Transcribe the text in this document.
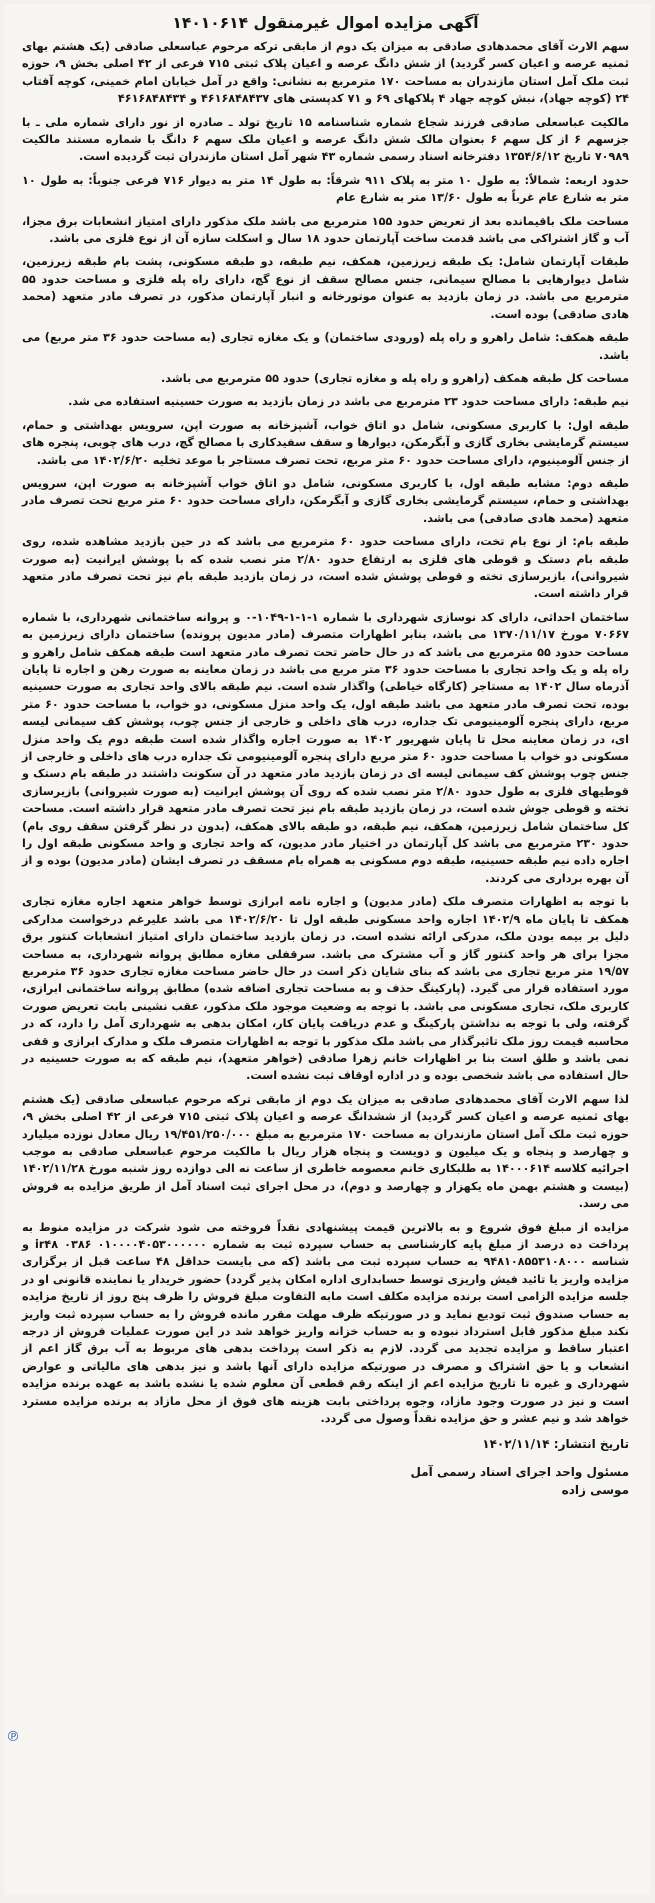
آگهی مزایده اموال غیرمنقول ۱۴۰۱۰۶۱۴

سهم الارث آقای محمدهادی صادقی به میزان یک دوم از مابقی ترکه مرحوم عباسعلی صادقی (یک هشتم بهای ثمنیه عرصه و اعیان کسر گردید) از شش دانگ عرصه و اعیان پلاک ثبتی ۷۱۵ فرعی از ۴۲ اصلی بخش ۹، حوزه ثبت ملک آمل استان مازندران به مساحت ۱۷۰ مترمربع به نشانی: واقع در آمل خیابان امام خمینی، کوچه آفتاب ۲۴ (کوچه جهاد)، نبش کوچه جهاد ۴ پلاکهای ۶۹ و ۷۱ کدپستی های ۴۶۱۶۸۴۸۴۳۷ و ۴۶۱۶۸۴۸۴۳۴

مالکیت عباسعلی صادقی فرزند شجاع شماره شناسنامه ۱۵ تاریخ تولد ـ صادره از نور دارای شماره ملی ـ با جزسهم ۶ از کل سهم ۶ بعنوان مالک شش دانگ عرصه و اعیان ملک سهم ۶ دانگ با شماره مستند مالکیت ۷۰۹۸۹ تاریخ ۱۳۵۴/۶/۱۲ دفترخانه اسناد رسمی شماره ۴۳ شهر آمل استان مازندران ثبت گردیده است.

حدود اربعه: شمالاً: به طول ۱۰ متر به پلاک ۹۱۱ شرقاً: به طول ۱۴ متر به دیوار ۷۱۶ فرعی جنوباً: به طول ۱۰ متر به شارع عام غرباً به طول ۱۳/۶۰ متر به شارع عام

مساحت ملک باقیمانده بعد از تعریض حدود ۱۵۵ مترمربع می باشد ملک مذکور دارای امتیاز انشعابات برق مجزا، آب و گاز اشتراکی می باشد قدمت ساخت آپارتمان حدود ۱۸ سال و اسکلت سازه آن از نوع فلزی می باشد.

طبقات آپارتمان شامل: یک طبقه زیرزمین، همکف، نیم طبقه، دو طبقه مسکونی، پشت بام طبقه زیرزمین، شامل دیوارهایی با مصالح سیمانی، جنس مصالح سقف از نوع گچ، دارای راه پله فلزی و مساحت حدود ۵۵ مترمربع می باشد. در زمان بازدید به عنوان موتورخانه و انبار آپارتمان مذکور، در تصرف مادر متعهد (محمد هادی صادقی) بوده است.

طبقه همکف: شامل راهرو و راه پله (ورودی ساختمان) و یک مغازه تجاری (به مساحت حدود ۳۶ متر مربع) می باشد.

مساحت کل طبقه همکف (راهرو و راه پله و مغازه تجاری) حدود ۵۵ مترمربع می باشد.

نیم طبقه: دارای مساحت حدود ۲۳ مترمربع می باشد در زمان بازدید به صورت حسینیه استفاده می شد.

طبقه اول: با کاربری مسکونی، شامل دو اتاق خواب، آشپزخانه به صورت اپن، سرویس بهداشتی و حمام، سیستم گرمایشی بخاری گازی و آبگرمکن، دیوارها و سقف سفیدکاری با مصالح گچ، درب های چوبی، پنجره های از جنس آلومینیوم، دارای مساحت حدود ۶۰ متر مربع، تحت تصرف مستاجر با موعد تخلیه ۱۴۰۲/۶/۲۰ می باشد.

طبقه دوم: مشابه طبقه اول، با کاربری مسکونی، شامل دو اتاق خواب آشپزخانه به صورت اپن، سرویس بهداشتی و حمام، سیستم گرمایشی بخاری گازی و آبگرمکن، دارای مساحت حدود ۶۰ متر مربع تحت تصرف مادر متعهد (محمد هادی صادقی) می باشد.

طبقه بام: از نوع بام تخت، دارای مساحت حدود ۶۰ مترمربع می باشد که در حین بازدید مشاهده شده، روی طبقه بام دستک و قوطی های فلزی به ارتفاع حدود ۲/۸۰ متر نصب شده که با پوشش ایرانیت (به صورت شیروانی)، بازیرسازی تخته و قوطی پوشش شده است، در زمان بازدید طبقه بام نیز تحت تصرف مادر متعهد قرار داشته است.

ساختمان احداثی، دارای کد نوسازی شهرداری با شماره ۱-۱-۱-۱۰۴۹-۰ و پروانه ساختمانی شهرداری، با شماره ۷۰۶۶۷ مورخ ۱۳۷۰/۱۱/۱۷ می باشد، بنابر اظهارات متصرف (مادر مدیون پرونده) ساختمان دارای زیرزمین به مساحت حدود ۵۵ مترمربع می باشد که در حال حاضر تحت تصرف مادر متعهد است طبقه همکف شامل راهرو و راه پله و یک واحد تجاری با مساحت حدود ۳۶ متر مربع می باشد در زمان معاینه به صورت رهن و اجاره تا پایان آذرماه سال ۱۴۰۲ به مستاجر (کارگاه خیاطی) واگذار شده است. نیم طبقه بالای واحد تجاری به صورت حسینیه بوده، تحت تصرف مادر متعهد می باشد طبقه اول، یک واحد منزل مسکونی، دو خواب، با مساحت حدود ۶۰ متر مربع، دارای پنجره آلومینیومی تک جداره، درب های داخلی و خارجی از جنس چوب، پوشش کف سیمانی لیسه ای، در زمان معاینه محل تا پایان شهریور ۱۴۰۲ به صورت اجاره واگذار شده است طبقه دوم یک واحد منزل مسکونی دو خواب با مساحت حدود ۶۰ متر مربع دارای پنجره آلومینیومی تک جداره درب های داخلی و خارجی از جنس چوب پوشش کف سیمانی لیسه ای در زمان بازدید مادر متعهد در آن سکونت داشتند در طبقه بام دستک و قوطیهای فلزی به طول حدود ۲/۸۰ متر نصب شده که روی آن پوشش ایرانیت (به صورت شیروانی) بازیرسازی تخته و قوطی جوش شده است، در زمان بازدید طبقه بام نیز تحت تصرف مادر متعهد قرار داشته است. مساحت کل ساختمان شامل زیرزمین، همکف، نیم طبقه، دو طبقه بالای همکف، (بدون در نظر گرفتن سقف روی بام) حدود ۲۳۰ مترمربع می باشد کل آپارتمان در اختیار مادر مدیون، که واحد تجاری و واحد مسکونی طبقه اول را اجاره داده نیم طبقه حسینیه، طبقه دوم مسکونی به همراه بام مسقف در تصرف ایشان (مادر مدیون) بوده و از آن بهره برداری می کردند.

با توجه به اظهارات متصرف ملک (مادر مدیون) و اجاره نامه ابرازی توسط خواهر متعهد اجاره مغازه تجاری همکف تا پایان ماه ۱۴۰۲/۹ اجاره واحد مسکونی طبقه اول تا ۱۴۰۲/۶/۲۰ می باشد علیرغم درخواست مدارکی دلیل بر بیمه بودن ملک، مدرکی ارائه نشده است. در زمان بازدید ساختمان دارای امتیاز انشعابات کنتور برق مجزا برای هر واحد کنتور گاز و آب مشترک می باشد. سرقفلی مغازه مطابق پروانه شهرداری، به مساحت ۱۹/۵۷ متر مربع تجاری می باشد که بنای شایان ذکر است در حال حاضر مساحت مغازه تجاری حدود ۳۶ مترمربع مورد استفاده قرار می گیرد. (پارکینگ حذف و به مساحت تجاری اضافه شده) مطابق پروانه ساختمانی ابرازی، کاربری ملک، تجاری مسکونی می باشد. با توجه به وضعیت موجود ملک مذکور، عقب نشینی بابت تعریض صورت گرفته، ولی با توجه به نداشتن پارکینگ و عدم دریافت پایان کار، امکان بدهی به شهرداری آمل را دارد، که در محاسبه قیمت روز ملک تاثیرگذار می باشد ملک مذکور با توجه به اظهارات متصرف ملک و مدارک ابرازی و قفی نمی باشد و طلق است بنا بر اظهارات خانم زهرا صادقی (خواهر متعهد)، نیم طبقه که به صورت حسینیه در حال استفاده می باشد شخصی بوده و در اداره اوقاف ثبت نشده است.

لذا سهم الارث آقای محمدهادی صادقی به میزان یک دوم از مابقی ترکه مرحوم عباسعلی صادقی (یک هشتم بهای ثمنیه عرصه و اعیان کسر گردید) از ششدانگ عرصه و اعیان پلاک ثبتی ۷۱۵ فرعی از ۴۲ اصلی بخش ۹، حوزه ثبت ملک آمل استان مازندران به مساحت ۱۷۰ مترمربع به مبلغ ۱۹/۴۵۱/۲۵۰/۰۰۰ ریال معادل نوزده میلیارد و چهارصد و پنجاه و یک میلیون و دویست و پنجاه هزار ریال با مالکیت مرحوم عباسعلی صادقی به موجب اجرائیه کلاسه ۱۴۰۰۰۶۱۴ به طلبکاری خانم معصومه خاطری از ساعت نه الی دوازده روز شنبه مورخ ۱۴۰۲/۱۱/۲۸ (بیست و هشتم بهمن ماه یکهزار و چهارصد و دوم)، در محل اجرای ثبت اسناد آمل از طریق مزایده به فروش می رسد.

مزایده از مبلغ فوق شروع و به بالاترین قیمت پیشنهادی نقداً فروخته می شود شرکت در مزایده منوط به پرداخت ده درصد از مبلغ پایه کارشناسی به حساب سپرده ثبت به شماره ۰۱۰۰۰۰۴۰۵۳۰۰۰۰۰۰ ۰۳۸۶ ir۴۸ و شناسه ۹۴۸۱۰۸۵۵۳۱۰۸۰۰۰ به حساب سپرده ثبت می باشد (که می بایست حداقل ۴۸ ساعت قبل از برگزاری مزایده واریز یا تائید فیش واریزی توسط حسابداری اداره امکان پذیر گردد) حضور خریدار یا نماینده قانونی او در جلسه مزایده الزامی است برنده مزایده مکلف است مابه التفاوت مبلغ فروش را ظرف پنج روز از تاریخ مزایده به حساب صندوق ثبت تودیع نماید و در صورتیکه ظرف مهلت مقرر مانده فروش را به حساب سپرده ثبت واریز نکند مبلغ مذکور قابل استرداد نبوده و به حساب خزانه واریز خواهد شد در این صورت عملیات فروش از درجه اعتبار ساقط و مزایده تجدید می گردد. لازم به ذکر است پرداخت بدهی های مربوط به آب برق گاز اعم از انشعاب و یا حق اشتراک و مصرف در صورتیکه مزایده دارای آنها باشد و نیز بدهی های مالیاتی و عوارض شهرداری و غیره تا تاریخ مزایده اعم از اینکه رقم قطعی آن معلوم شده یا نشده باشد به عهده برنده مزایده است و نیز در صورت وجود مازاد، وجوه پرداختی بابت هزینه های فوق از محل مازاد به برنده مزایده مسترد خواهد شد و نیم عشر و حق مزایده نقداً وصول می گردد.

تاریخ انتشار: ۱۴۰۲/۱۱/۱۴
مسئول واحد اجرای اسناد رسمی آمل
موسی زاده
℗
